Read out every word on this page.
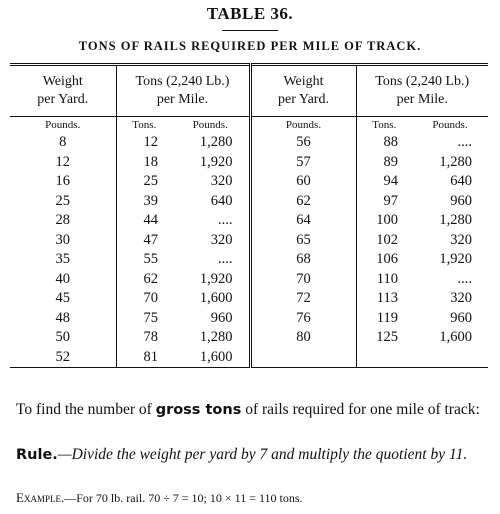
TABLE 36.
TONS OF RAILS REQUIRED PER MILE OF TRACK.
Weight
per Yard.	Tons (2,240 Lb.)
per Mile.		Weight
per Yard.	Tons (2,240 Lb.)
per Mile.	
Pounds.	Tons.	Pounds.	Pounds.	Tons.	Pounds.
8	12	1,280	56	88	....
12	18	1,920	57	89	1,280
16	25	320	60	94	640
25	39	640	62	97	960
28	44	....	64	100	1,280
30	47	320	65	102	320
35	55	....	68	106	1,920
40	62	1,920	70	110	....
45	70	1,600	72	113	320
48	75	960	76	119	960
50	78	1,280	80	125	1,600
52	81	1,600			
To find the number of gross tons of rails required for one mile of track:
Rule.—Divide the weight per yard by 7 and multiply the quotient by 11.
Example.—For 70 lb. rail. 70 ÷ 7 = 10; 10 × 11 = 110 tons.
